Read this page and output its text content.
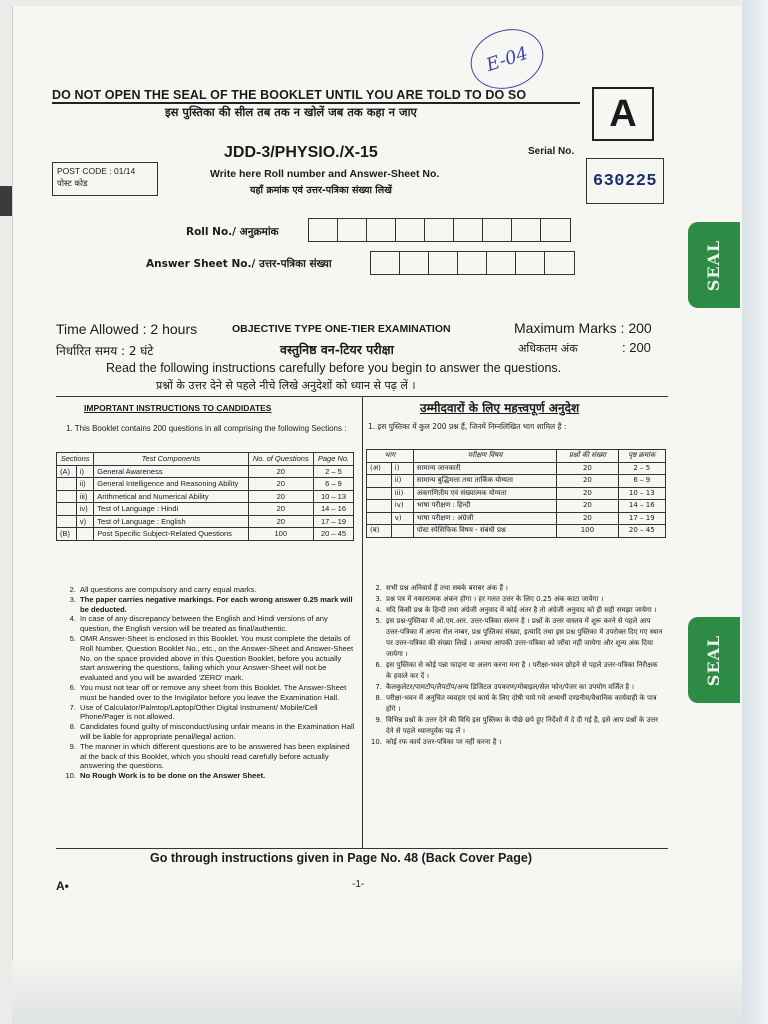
SEAL
SEAL
E-04
DO NOT OPEN THE SEAL OF THE BOOKLET UNTIL YOU ARE TOLD TO DO SO
इस पुस्तिका की सील तब तक न खोलें जब तक कहा न जाए	A
JDD-3/PHYSIO./X-15	Serial No.
630225
POST CODE : 01/14
पोस्ट कोड
Write here Roll number and Answer-Sheet No.
यहाँ क्रमांक एवं उत्तर-पत्रिका संख्या लिखें
Roll No./ अनुक्रमांक
Answer Sheet No./ उत्तर-पत्रिका संख्या
Time Allowed : 2 hours
निर्धारित समय : 2 घंटे
OBJECTIVE TYPE ONE-TIER EXAMINATION
वस्तुनिष्ठ वन-टियर परीक्षा
Maximum Marks : 200
अधिकतम अंक	: 200
Read the following instructions carefully before you begin to answer the questions.
प्रश्नों के उत्तर देने से पहले नीचे लिखे अनुदेशों को ध्यान से पढ़ लें ।
IMPORTANT INSTRUCTIONS TO CANDIDATES	उम्मीदवारों के लिए महत्त्वपूर्ण अनुदेश
1. This Booklet contains 200 questions in all comprising the following Sections :	1. इस पुस्तिका में कुल 200 प्रश्न हैं, जिनमें निम्नलिखित भाग शामिल हैं :
Sections		Test Components	No. of Questions	Page No.
(A)	i)	General Awareness	20	2 – 5
	ii)	General Intelligence and Reasoning Ability	20	6 – 9
	iii)	Arithmetical and Numerical Ability	20	10 – 13
	iv)	Test of Language : Hindi	20	14 – 16
	v)	Test of Language : English	20	17 – 19
(B)		Post Specific Subject-Related Questions	100	20 – 45
भाग		परीक्षण विषय	प्रश्नों की संख्या	पृष्ठ क्रमांक
(अ)	i)	सामान्य जानकारी	20	2 – 5
	ii)	सामान्य बुद्धिमत्ता तथा तार्किक योग्यता	20	6 – 9
	iii)	अंकगणितीय एवं संख्यात्मक योग्यता	20	10 – 13
	iv)	भाषा परीक्षण : हिन्दी	20	14 – 16
	v)	भाषा परीक्षण : अंग्रेजी	20	17 – 19
(ब)		पोस्ट स्पेसिफिक विषय - संबंधी प्रश्न	100	20 – 45
2. All questions are compulsory and carry equal marks.
3. The paper carries negative markings. For each wrong answer 0.25 mark will be deducted.
4. In case of any discrepancy between the English and Hindi versions of any question, the English version will be treated as final/authentic.
5. OMR Answer-Sheet is enclosed in this Booklet. You must complete the details of Roll Number, Question Booklet No., etc., on the Answer-Sheet and Answer-Sheet No. on the space provided above in this Question Booklet, before you actually start answering the questions, failing which your Answer-Sheet will not be evaluated and you will be awarded 'ZERO' mark.
6. You must not tear off or remove any sheet from this Booklet. The Answer-Sheet must be handed over to the Invigilator before you leave the Examination Hall.
7. Use of Calculator/Palmtop/Laptop/Other Digital Instrument/ Mobile/Cell Phone/Pager is not allowed.
8. Candidates found guilty of misconduct/using unfair means in the Examination Hall will be liable for appropriate penal/legal action.
9. The manner in which different questions are to be answered has been explained at the back of this Booklet, which you should read carefully before actually answering the questions.
10. No Rough Work is to be done on the Answer Sheet.
2. सभी प्रश्न अनिवार्य हैं तथा सबके बराबर अंक हैं ।
3. प्रश्न पत्र में नकारात्मक अंकन होगा । हर गलत उत्तर के लिए 0.25 अंक काटा जायेगा ।
4. यदि किसी प्रश्न के हिन्दी तथा अंग्रेजी अनुवाद में कोई अंतर है तो अंग्रेजी अनुवाद को ही सही समझा जायेगा ।
5. इस प्रश्न-पुस्तिका में ओ.एम.आर. उत्तर-पत्रिका संलग्न है । प्रश्नों के उत्तर वास्तव में शुरू करने से पहले आप उत्तर-पत्रिका में अपना रोल नम्बर, प्रश्न पुस्तिका संख्या, इत्यादि तथा इस प्रश्न पुस्तिका में उपरोक्त दिए गए स्थान पर उत्तर-पत्रिका की संख्या लिखें । अन्यथा आपकी उत्तर-पत्रिका को जाँचा नहीं जायेगा और शून्य अंक दिया जायेगा ।
6. इस पुस्तिका से कोई पन्ना फाड़ना या अलग करना मना है । परीक्षा-भवन छोड़ने से पहले उत्तर-पत्रिका निरीक्षक के हवाले कर दें ।
7. कैलकुलेटर/पामटॉप/लैपटॉप/अन्य डिजिटल उपकरण/मोबाइल/सेल फोन/पेजर का उपयोग वर्जित है ।
8. परीक्षा-भवन में अनुचित व्यवहार एवं कार्य के लिए दोषी पाये गये अभ्यर्थी दण्डनीय/वैधानिक कार्यवाही के पात्र होंगे ।
9. विभिन्न प्रश्नों के उत्तर देने की विधि इस पुस्तिका के पीछे छपे हुए निर्देशों में दे दी गई है, इसे आप प्रश्नों के उत्तर देने से पहले ध्यानपूर्वक पढ़ लें ।
10. कोई रफ कार्य उत्तर-पत्रिका पर नहीं करना है ।
Go through instructions given in Page No. 48 (Back Cover Page)
A•	-1-
